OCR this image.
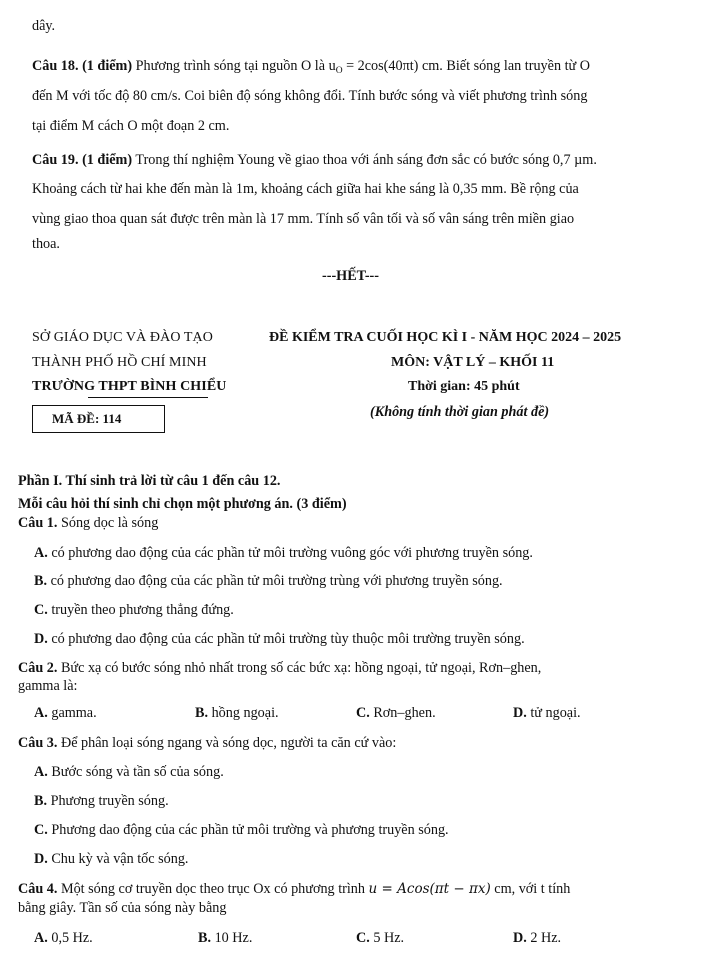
dây.
Câu 18. (1 điểm) Phương trình sóng tại nguồn O là $u_O = 2\cos(40\pi t)$ cm. Biết sóng lan truyền từ O
đến M với tốc độ 80 cm/s. Coi biên độ sóng không đổi. Tính bước sóng và viết phương trình sóng
tại điểm M cách O một đoạn 2 cm.
Câu 19. (1 điểm) Trong thí nghiệm Young về giao thoa với ánh sáng đơn sắc có bước sóng 0,7 µm.
Khoảng cách từ hai khe đến màn là 1m, khoảng cách giữa hai khe sáng là 0,35 mm. Bề rộng của
vùng giao thoa quan sát được trên màn là 17 mm. Tính số vân tối và số vân sáng trên miền giao
thoa.
---HẾT---
SỞ GIÁO DỤC VÀ ĐÀO TẠO
THÀNH PHỐ HỒ CHÍ MINH
TRƯỜNG THPT BÌNH CHIỂU
MÃ ĐỀ: 114
ĐỀ KIỂM TRA CUỐI HỌC KÌ I - NĂM HỌC 2024 – 2025
MÔN: VẬT LÝ – KHỐI 11
Thời gian: 45 phút
(Không tính thời gian phát đề)
Phần I. Thí sinh trả lời từ câu 1 đến câu 12.
Mỗi câu hỏi thí sinh chỉ chọn một phương án. (3 điểm)
Câu 1. Sóng dọc là sóng
A. có phương dao động của các phần tử môi trường vuông góc với phương truyền sóng.
B. có phương dao động của các phần tử môi trường trùng với phương truyền sóng.
C. truyền theo phương thẳng đứng.
D. có phương dao động của các phần tử môi trường tùy thuộc môi trường truyền sóng.
Câu 2. Bức xạ có bước sóng nhỏ nhất trong số các bức xạ: hồng ngoại, tử ngoại, Rơn–ghen,
gamma là:
A. gamma.	B. hồng ngoại.	C. Rơn–ghen.	D. tử ngoại.
Câu 3. Để phân loại sóng ngang và sóng dọc, người ta căn cứ vào:
A. Bước sóng và tần số của sóng.
B. Phương truyền sóng.
C. Phương dao động của các phần tử môi trường và phương truyền sóng.
D. Chu kỳ và vận tốc sóng.
Câu 4. Một sóng cơ truyền dọc theo trục Ox có phương trình u = Acos(πt − πx) cm, với t tính
bằng giây. Tần số của sóng này bằng
A. 0,5 Hz.	B. 10 Hz.	C. 5 Hz.	D. 2 Hz.
